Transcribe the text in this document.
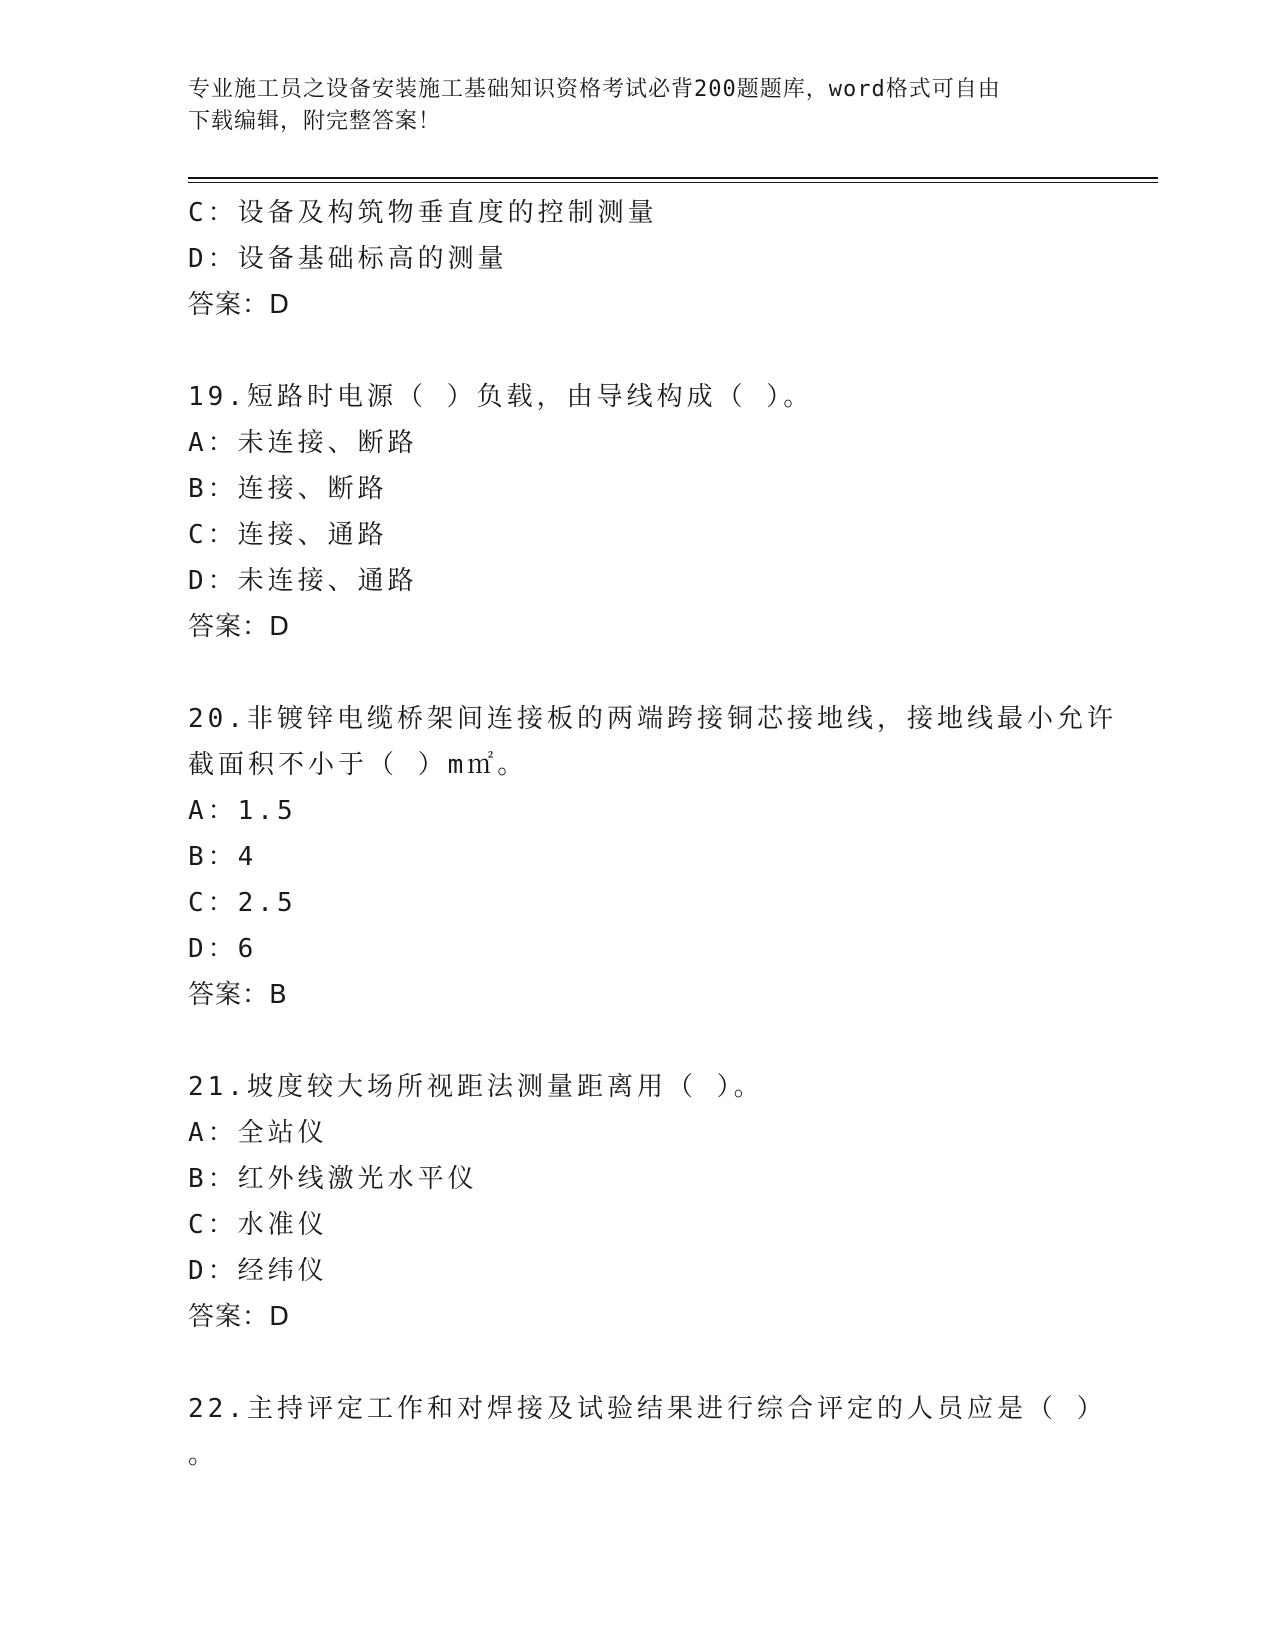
专业施工员之设备安装施工基础知识资格考试必背200题题库，word格式可自由
下载编辑，附完整答案！
C：设备及构筑物垂直度的控制测量
D：设备基础标高的测量
答案：D
19.短路时电源（ ）负载，由导线构成（ ）。
A：未连接、断路
B：连接、断路
C：连接、通路
D：未连接、通路
答案：D
20.非镀锌电缆桥架间连接板的两端跨接铜芯接地线，接地线最小允许
截面积不小于（ ）m㎡。
A：1.5
B：4
C：2.5
D：6
答案：B
21.坡度较大场所视距法测量距离用（ ）。
A：全站仪
B：红外线激光水平仪
C：水准仪
D：经纬仪
答案：D
22.主持评定工作和对焊接及试验结果进行综合评定的人员应是（ ）
。
